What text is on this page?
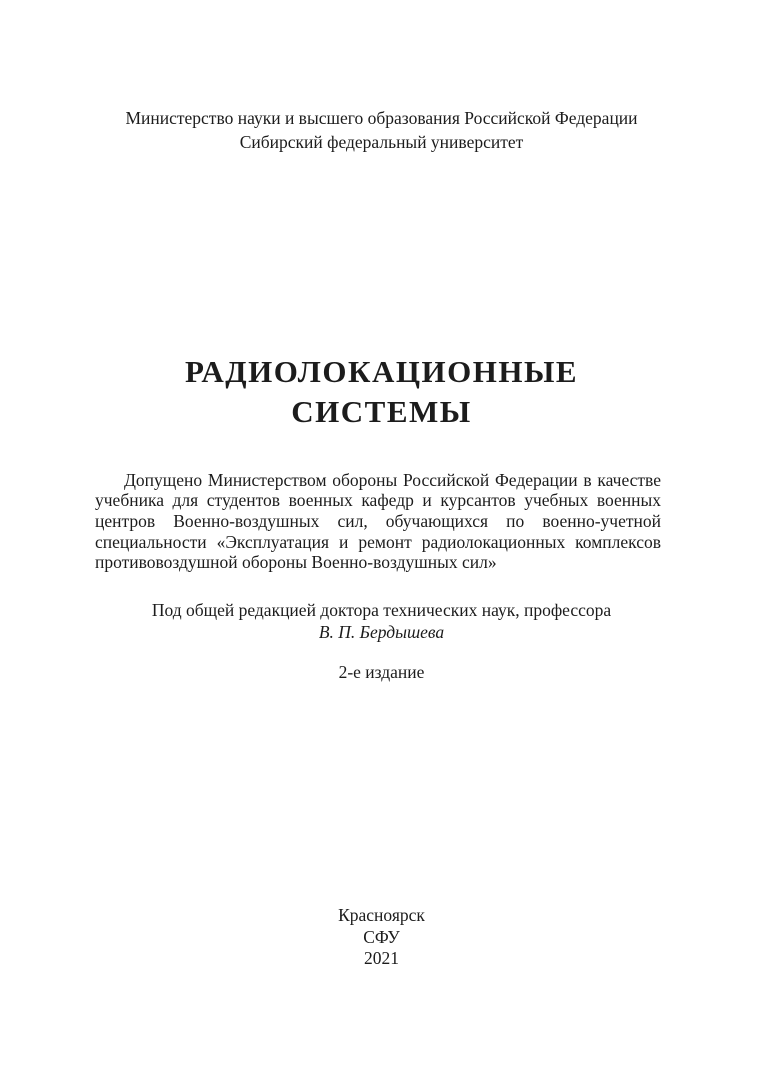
Министерство науки и высшего образования Российской Федерации
Сибирский федеральный университет
РАДИОЛОКАЦИОННЫЕ
СИСТЕМЫ

Допущено Министерством обороны Российской Федерации в качестве учебника для студентов военных кафедр и курсантов учебных военных центров Военно-воздушных сил, обучающихся по военно-учетной специальности «Эксплуатация и ремонт радиолокационных комплексов противовоздушной обороны Военно-воздушных сил»

Под общей редакцией доктора технических наук, профессора
В. П. Бердышева
2-е издание
Красноярск
СФУ
2021
